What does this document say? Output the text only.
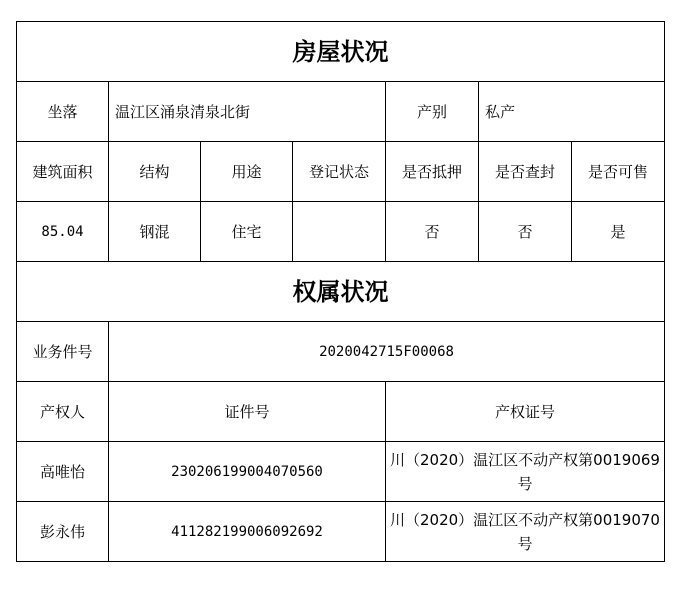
房屋状况						
坐落	温江区涌泉清泉北街			产别	私产	
建筑面积	结构	用途	登记状态	是否抵押	是否查封	是否可售
85.04	钢混	住宅		否	否	是
权属状况						
业务件号	2020042715F00068					
产权人	证件号			产权证号		
高唯怡	230206199004070560			川（2020）温江区不动产权第0019069号		
彭永伟	411282199006092692			川（2020）温江区不动产权第0019070号		
